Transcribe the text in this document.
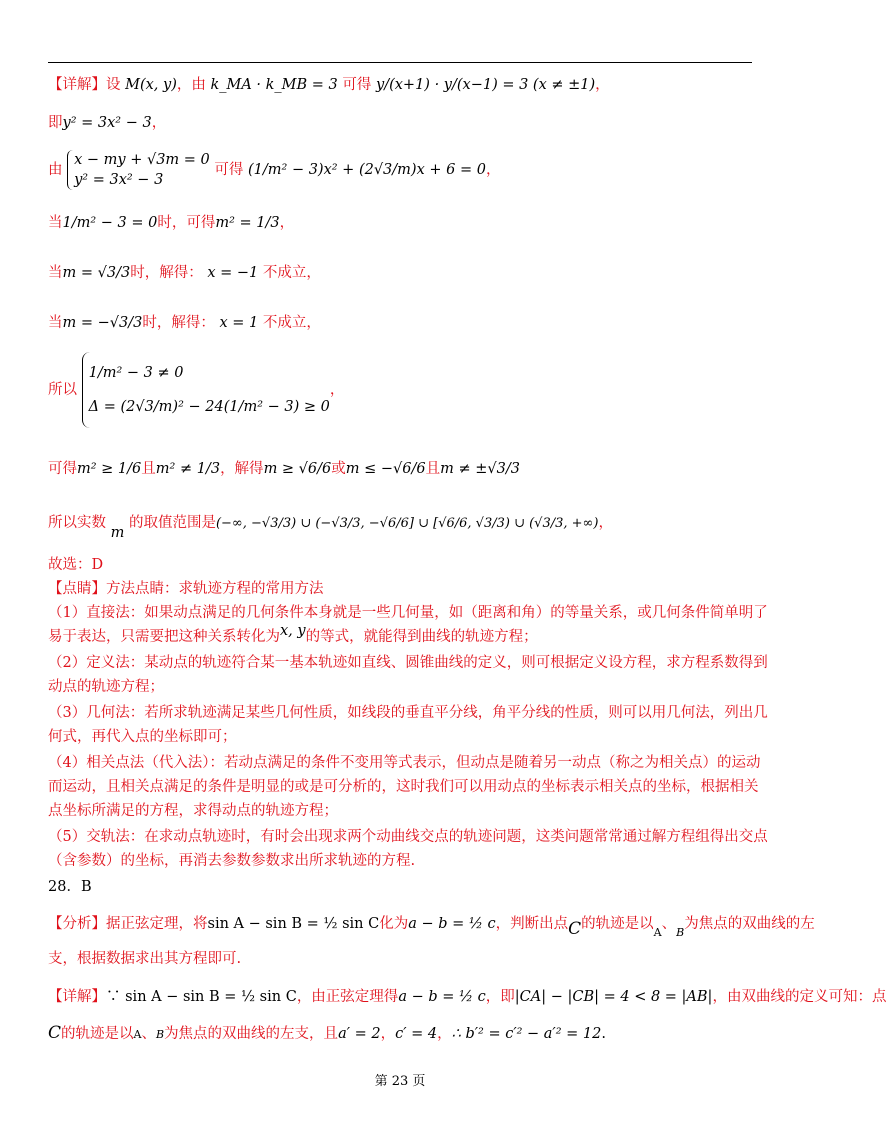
【详解】设 M(x, y)，由 k_MA · k_MB = 3 可得 y/(x+1) · y/(x−1) = 3 (x ≠ ±1)，
即y² = 3x² − 3，
由
x − my + √3m = 0
y² = 3x² − 3
可得 (1/m² − 3)x² + (2√3/m)x + 6 = 0，
当1/m² − 3 = 0时，可得m² = 1/3，
当m = √3/3时，解得： x = −1 不成立，
当m = −√3/3时，解得： x = 1 不成立，
所以
1/m² − 3 ≠ 0
Δ = (2√3/m)² − 24(1/m² − 3) ≥ 0
，
可得m² ≥ 1/6且m² ≠ 1/3，解得m ≥ √6/6或m ≤ −√6/6且m ≠ ±√3/3
所以实数 m 的取值范围是(−∞, −√3/3) ∪ (−√3/3, −√6/6] ∪ [√6/6, √3/3) ∪ (√3/3, +∞)，
故选：D
【点睛】方法点睛：求轨迹方程的常用方法
（1）直接法：如果动点满足的几何条件本身就是一些几何量，如（距离和角）的等量关系，或几何条件简单明了
易于表达，只需要把这种关系转化为x, y的等式，就能得到曲线的轨迹方程；
（2）定义法：某动点的轨迹符合某一基本轨迹如直线、圆锥曲线的定义，则可根据定义设方程，求方程系数得到
动点的轨迹方程；
（3）几何法：若所求轨迹满足某些几何性质，如线段的垂直平分线，角平分线的性质，则可以用几何法，列出几
何式，再代入点的坐标即可；
（4）相关点法（代入法）：若动点满足的条件不变用等式表示，但动点是随着另一动点（称之为相关点）的运动
而运动，且相关点满足的条件是明显的或是可分析的，这时我们可以用动点的坐标表示相关点的坐标，根据相关
点坐标所满足的方程，求得动点的轨迹方程；
（5）交轨法：在求动点轨迹时，有时会出现求两个动曲线交点的轨迹问题，这类问题常常通过解方程组得出交点
（含参数）的坐标，再消去参数参数求出所求轨迹的方程.
28．B
【分析】据正弦定理，将sin A − sin B = ½ sin C化为a − b = ½ c，判断出点C的轨迹是以$_A$、$_B$为焦点的双曲线的左
支，根据数据求出其方程即可.
【详解】∵ sin A − sin B = ½ sin C，由正弦定理得a − b = ½ c，即|CA| − |CB| = 4 < 8 = |AB|，由双曲线的定义可知：点
C的轨迹是以A、B为焦点的双曲线的左支，且a′ = 2，c′ = 4，∴ b′² = c′² − a′² = 12.
第 23 页
